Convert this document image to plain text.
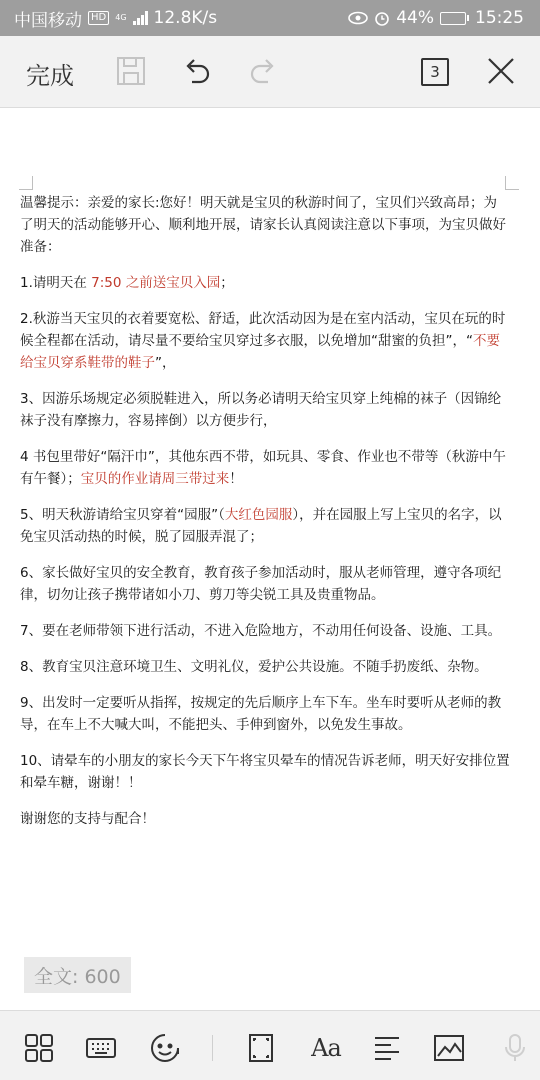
中国移动 HD	4G 12.8K/s	44% 15:25
完成	3

温馨提示：亲爱的家长:您好！明天就是宝贝的秋游时间了，宝贝们兴致高昂；为了明天的活动能够开心、顺利地开展，请家长认真阅读注意以下事项，为宝贝做好准备：

1.请明天在 7:50 之前送宝贝入园；

2.秋游当天宝贝的衣着要宽松、舒适，此次活动因为是在室内活动，宝贝在玩的时候全程都在活动，请尽量不要给宝贝穿过多衣服，以免增加“甜蜜的负担”，“不要给宝贝穿系鞋带的鞋子”，

3、因游乐场规定必须脱鞋进入，所以务必请明天给宝贝穿上纯棉的袜子（因锦纶袜子没有摩擦力，容易摔倒）以方便步行，

4 书包里带好“隔汗巾”，其他东西不带，如玩具、零食、作业也不带等（秋游中午有午餐）；宝贝的作业请周三带过来！

5、明天秋游请给宝贝穿着“园服”（大红色园服），并在园服上写上宝贝的名字，以免宝贝活动热的时候，脱了园服弄混了；

6、家长做好宝贝的安全教育，教育孩子参加活动时，服从老师管理，遵守各项纪律，切勿让孩子携带诸如小刀、剪刀等尖锐工具及贵重物品。

7、要在老师带领下进行活动，不进入危险地方，不动用任何设备、设施、工具。

8、教育宝贝注意环境卫生、文明礼仪，爱护公共设施。不随手扔废纸、杂物。

9、出发时一定要听从指挥，按规定的先后顺序上车下车。坐车时要听从老师的教导，在车上不大喊大叫，不能把头、手伸到窗外，以免发生事故。

10、请晕车的小朋友的家长今天下午将宝贝晕车的情况告诉老师，明天好安排位置和晕车糖，谢谢！！

谢谢您的支持与配合！

全文: 600
Aa
